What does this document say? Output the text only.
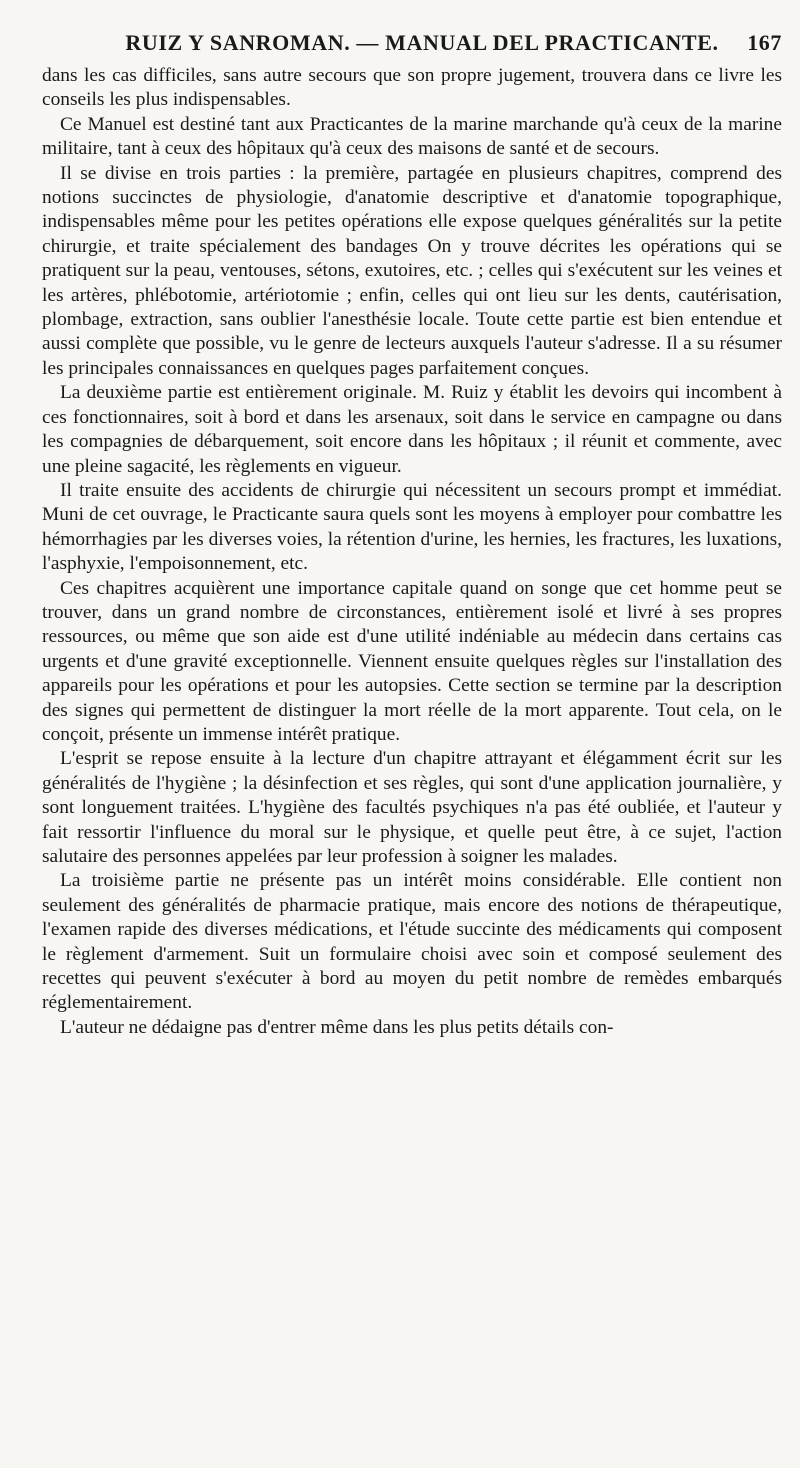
RUIZ Y SANROMAN. — MANUAL DEL PRACTICANTE. 167

dans les cas difficiles, sans autre secours que son propre jugement, trouvera dans ce livre les conseils les plus indispensables.

Ce Manuel est destiné tant aux Practicantes de la marine marchande qu'à ceux de la marine militaire, tant à ceux des hôpitaux qu'à ceux des maisons de santé et de secours.

Il se divise en trois parties : la première, partagée en plusieurs chapitres, comprend des notions succinctes de physiologie, d'anatomie descriptive et d'anatomie topographique, indispensables même pour les petites opérations elle expose quelques généralités sur la petite chirurgie, et traite spécialement des bandages On y trouve décrites les opérations qui se pratiquent sur la peau, ventouses, sétons, exutoires, etc. ; celles qui s'exécutent sur les veines et les artères, phlébotomie, artériotomie ; enfin, celles qui ont lieu sur les dents, cautérisation, plombage, extraction, sans oublier l'anesthésie locale. Toute cette partie est bien entendue et aussi complète que possible, vu le genre de lecteurs auxquels l'auteur s'adresse. Il a su résumer les principales connaissances en quelques pages parfaitement conçues.

La deuxième partie est entièrement originale. M. Ruiz y établit les devoirs qui incombent à ces fonctionnaires, soit à bord et dans les arsenaux, soit dans le service en campagne ou dans les compagnies de débarquement, soit encore dans les hôpitaux ; il réunit et commente, avec une pleine sagacité, les règlements en vigueur.

Il traite ensuite des accidents de chirurgie qui nécessitent un secours prompt et immédiat. Muni de cet ouvrage, le Practicante saura quels sont les moyens à employer pour combattre les hémorrhagies par les diverses voies, la rétention d'urine, les hernies, les fractures, les luxations, l'asphyxie, l'empoisonnement, etc.

Ces chapitres acquièrent une importance capitale quand on songe que cet homme peut se trouver, dans un grand nombre de circonstances, entièrement isolé et livré à ses propres ressources, ou même que son aide est d'une utilité indéniable au médecin dans certains cas urgents et d'une gravité exceptionnelle. Viennent ensuite quelques règles sur l'installation des appareils pour les opérations et pour les autopsies. Cette section se termine par la description des signes qui permettent de distinguer la mort réelle de la mort apparente. Tout cela, on le conçoit, présente un immense intérêt pratique.

L'esprit se repose ensuite à la lecture d'un chapitre attrayant et élégamment écrit sur les généralités de l'hygiène ; la désinfection et ses règles, qui sont d'une application journalière, y sont longuement traitées. L'hygiène des facultés psychiques n'a pas été oubliée, et l'auteur y fait ressortir l'influence du moral sur le physique, et quelle peut être, à ce sujet, l'action salutaire des personnes appelées par leur profession à soigner les malades.

La troisième partie ne présente pas un intérêt moins considérable. Elle contient non seulement des généralités de pharmacie pratique, mais encore des notions de thérapeutique, l'examen rapide des diverses médications, et l'étude succinte des médicaments qui composent le règlement d'armement. Suit un formulaire choisi avec soin et composé seulement des recettes qui peuvent s'exécuter à bord au moyen du petit nombre de remèdes embarqués réglementairement.

L'auteur ne dédaigne pas d'entrer même dans les plus petits détails con-
